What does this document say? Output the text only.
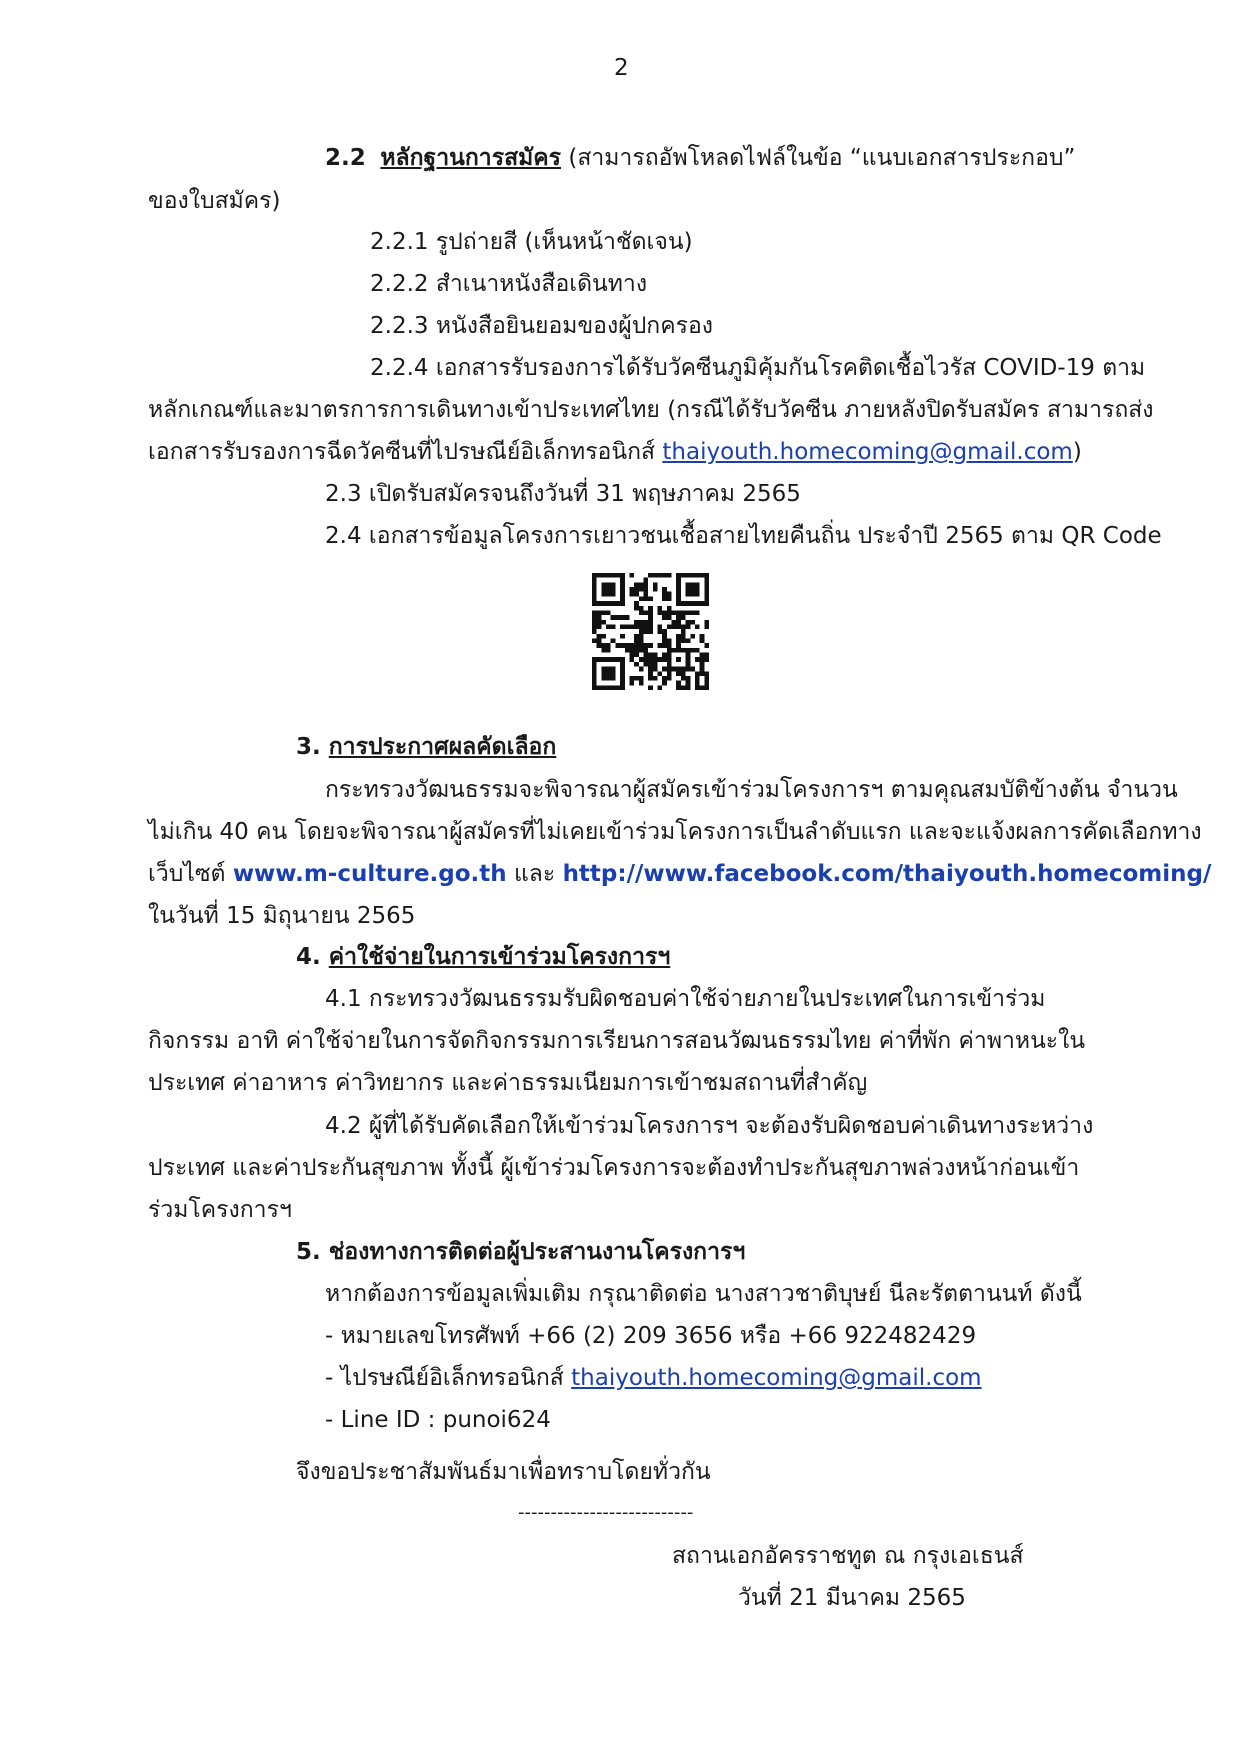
2
2.2 หลักฐานการสมัคร (สามารถอัพโหลดไฟล์ในข้อ “แนบเอกสารประกอบ”
ของใบสมัคร)
2.2.1 รูปถ่ายสี (เห็นหน้าชัดเจน)
2.2.2 สำเนาหนังสือเดินทาง
2.2.3 หนังสือยินยอมของผู้ปกครอง
2.2.4 เอกสารรับรองการได้รับวัคซีนภูมิคุ้มกันโรคติดเชื้อไวรัส COVID-19 ตาม
หลักเกณฑ์และมาตรการการเดินทางเข้าประเทศไทย (กรณีได้รับวัคซีน ภายหลังปิดรับสมัคร สามารถส่ง
เอกสารรับรองการฉีดวัคซีนที่ไปรษณีย์อิเล็กทรอนิกส์ thaiyouth.homecoming@gmail.com)
2.3 เปิดรับสมัครจนถึงวันที่ 31 พฤษภาคม 2565
2.4 เอกสารข้อมูลโครงการเยาวชนเชื้อสายไทยคืนถิ่น ประจำปี 2565 ตาม QR Code
3. การประกาศผลคัดเลือก
กระทรวงวัฒนธรรมจะพิจารณาผู้สมัครเข้าร่วมโครงการฯ ตามคุณสมบัติข้างต้น จำนวน
ไม่เกิน 40 คน โดยจะพิจารณาผู้สมัครที่ไม่เคยเข้าร่วมโครงการเป็นลำดับแรก และจะแจ้งผลการคัดเลือกทาง
เว็บไซต์ www.m-culture.go.th และ http://www.facebook.com/thaiyouth.homecoming/
ในวันที่ 15 มิถุนายน 2565
4. ค่าใช้จ่ายในการเข้าร่วมโครงการฯ
4.1 กระทรวงวัฒนธรรมรับผิดชอบค่าใช้จ่ายภายในประเทศในการเข้าร่วม
กิจกรรม อาทิ ค่าใช้จ่ายในการจัดกิจกรรมการเรียนการสอนวัฒนธรรมไทย ค่าที่พัก ค่าพาหนะใน
ประเทศ ค่าอาหาร ค่าวิทยากร และค่าธรรมเนียมการเข้าชมสถานที่สำคัญ
4.2 ผู้ที่ได้รับคัดเลือกให้เข้าร่วมโครงการฯ จะต้องรับผิดชอบค่าเดินทางระหว่าง
ประเทศ และค่าประกันสุขภาพ ทั้งนี้ ผู้เข้าร่วมโครงการจะต้องทำประกันสุขภาพล่วงหน้าก่อนเข้า
ร่วมโครงการฯ
5. ช่องทางการติดต่อผู้ประสานงานโครงการฯ
หากต้องการข้อมูลเพิ่มเติม กรุณาติดต่อ นางสาวชาติบุษย์ นีละรัตตานนท์ ดังนี้
- หมายเลขโทรศัพท์ +66 (2) 209 3656 หรือ +66 922482429
- ไปรษณีย์อิเล็กทรอนิกส์ thaiyouth.homecoming@gmail.com
- Line ID : punoi624
จึงขอประชาสัมพันธ์มาเพื่อทราบโดยทั่วกัน
---------------------------
สถานเอกอัครราชทูต ณ กรุงเอเธนส์
วันที่ 21 มีนาคม 2565
